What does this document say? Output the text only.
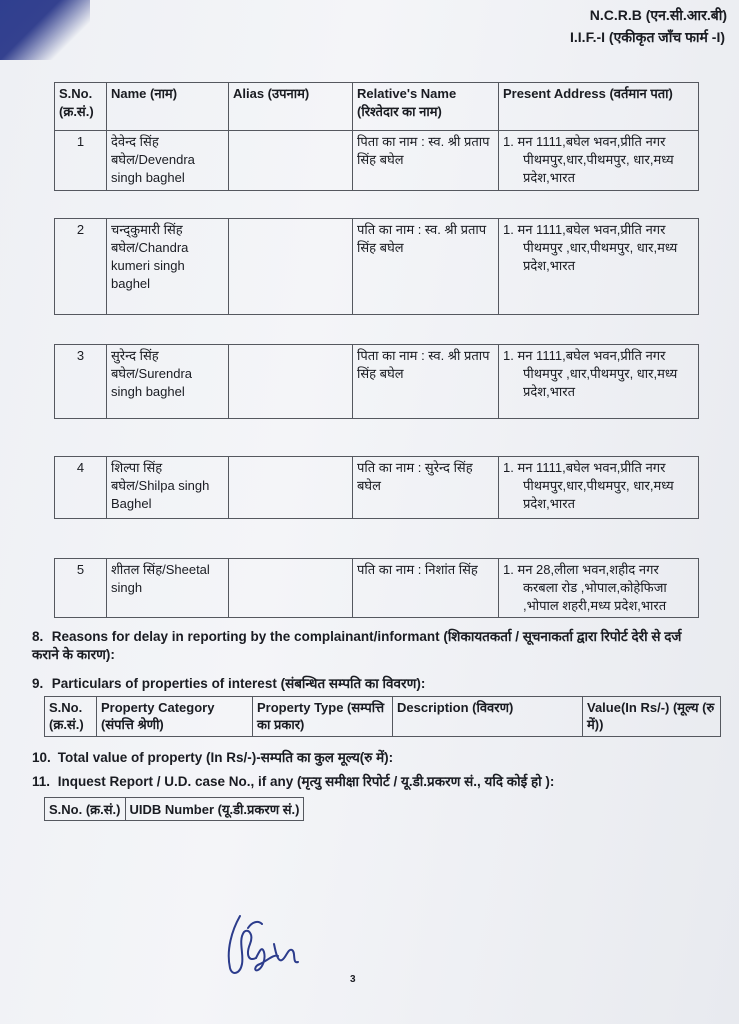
N.C.R.B (एन.सी.आर.बी)
I.I.F.-I (एकीकृत जाँच फार्म -I)
S.No. (क्र.सं.)	Name (नाम)	Alias (उपनाम)	Relative's Name (रिश्तेदार का नाम)	Present Address (वर्तमान पता)
1	देवेन्द सिंह बघेल/Devendra singh baghel		पिता का नाम : स्व. श्री प्रताप सिंह बघेल	1. मन 1111,बघेल भवन,प्रीति नगर पीथमपुर,धार,पीथमपुर, धार,मध्य प्रदेश,भारत
2	चन्द्कुमारी सिंह बघेल/Chandra kumeri singh baghel		पति का नाम : स्व. श्री प्रताप सिंह बघेल	1. मन 1111,बघेल भवन,प्रीति नगर पीथमपुर ,धार,पीथमपुर, धार,मध्य प्रदेश,भारत
3	सुरेन्द सिंह बघेल/Surendra singh baghel		पिता का नाम : स्व. श्री प्रताप सिंह बघेल	1. मन 1111,बघेल भवन,प्रीति नगर पीथमपुर ,धार,पीथमपुर, धार,मध्य प्रदेश,भारत
4	शिल्पा सिंह बघेल/Shilpa singh Baghel		पति का नाम : सुरेन्द सिंह बघेल	1. मन 1111,बघेल भवन,प्रीति नगर पीथमपुर,धार,पीथमपुर, धार,मध्य प्रदेश,भारत
5	शीतल सिंह/Sheetal singh		पति का नाम : निशांत सिंह	1. मन 28,लीला भवन,शहीद नगर करबला रोड ,भोपाल,कोहेफिजा ,भोपाल शहरी,मध्य प्रदेश,भारत
8. Reasons for delay in reporting by the complainant/informant (शिकायतकर्ता / सूचनाकर्ता द्वारा रिपोर्ट देरी से दर्ज कराने के कारण):
9. Particulars of properties of interest (संबन्धित सम्पति का विवरण):
S.No. (क्र.सं.)	Property Category (संपत्ति श्रेणी)	Property Type (सम्पत्ति का प्रकार)	Description (विवरण)	Value(In Rs/-) (मूल्य (रु में))
10. Total value of property (In Rs/-)-सम्पति का कुल मूल्य(रु में):
11. Inquest Report / U.D. case No., if any (मृत्यु समीक्षा रिपोर्ट / यू.डी.प्रकरण सं., यदि कोई हो ):
S.No. (क्र.सं.)	UIDB Number (यू.डी.प्रकरण सं.)
3
